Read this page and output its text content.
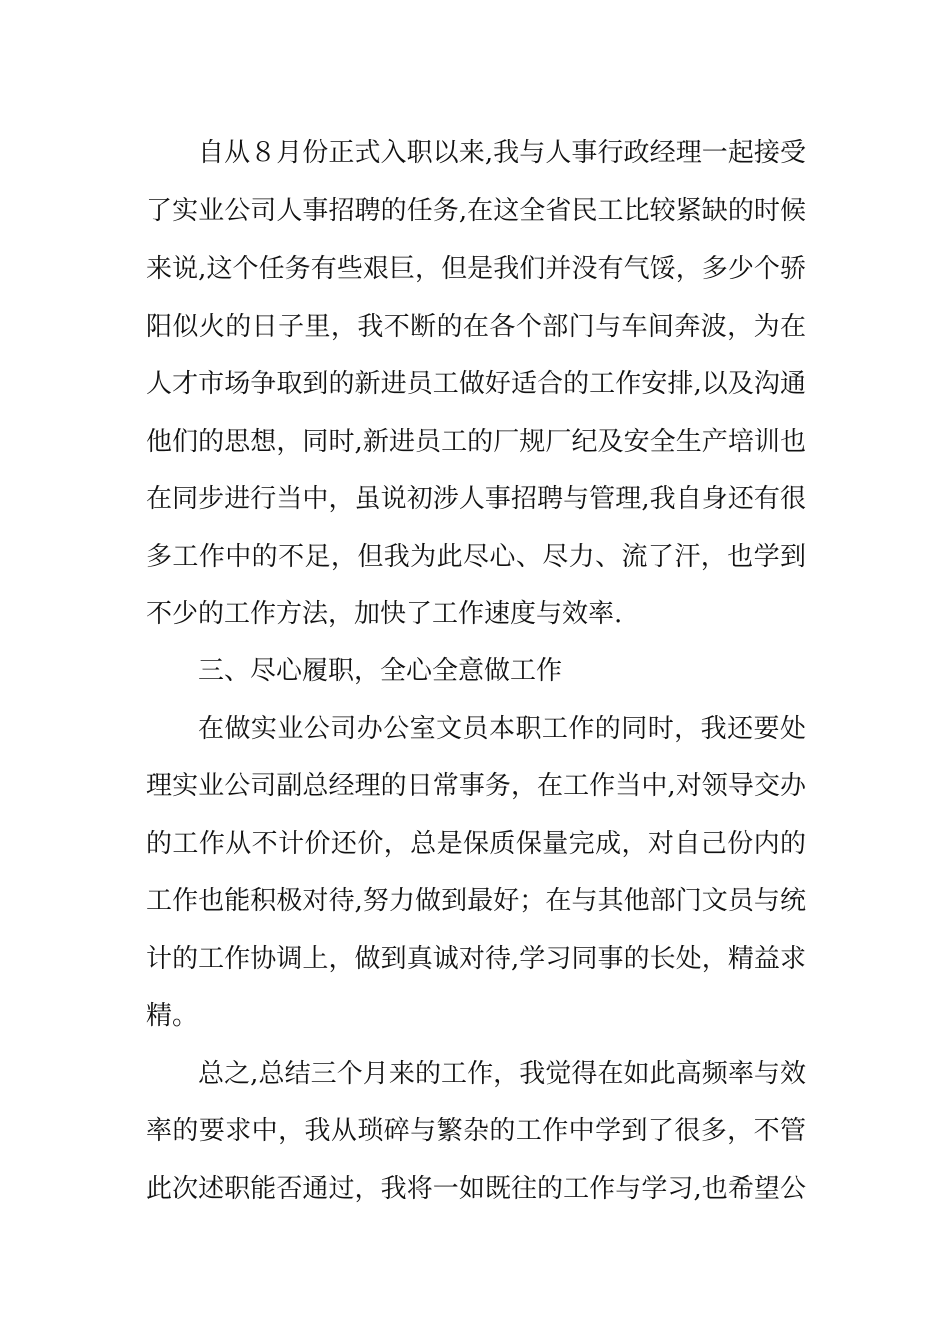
自从８月份正式入职以来,我与人事行政经理一起接受
了实业公司人事招聘的任务,在这全省民工比较紧缺的时候
来说,这个任务有些艰巨，但是我们并没有气馁，多少个骄
阳似火的日子里，我不断的在各个部门与车间奔波，为在
人才市场争取到的新进员工做好适合的工作安排,以及沟通
他们的思想，同时,新进员工的厂规厂纪及安全生产培训也
在同步进行当中，虽说初涉人事招聘与管理,我自身还有很
多工作中的不足，但我为此尽心、尽力、流了汗，也学到
不少的工作方法，加快了工作速度与效率.
三、尽心履职，全心全意做工作
在做实业公司办公室文员本职工作的同时，我还要处
理实业公司副总经理的日常事务，在工作当中,对领导交办
的工作从不计价还价，总是保质保量完成，对自己份内的
工作也能积极对待,努力做到最好；在与其他部门文员与统
计的工作协调上，做到真诚对待,学习同事的长处，精益求
精。
总之,总结三个月来的工作，我觉得在如此高频率与效
率的要求中，我从琐碎与繁杂的工作中学到了很多，不管
此次述职能否通过，我将一如既往的工作与学习,也希望公
